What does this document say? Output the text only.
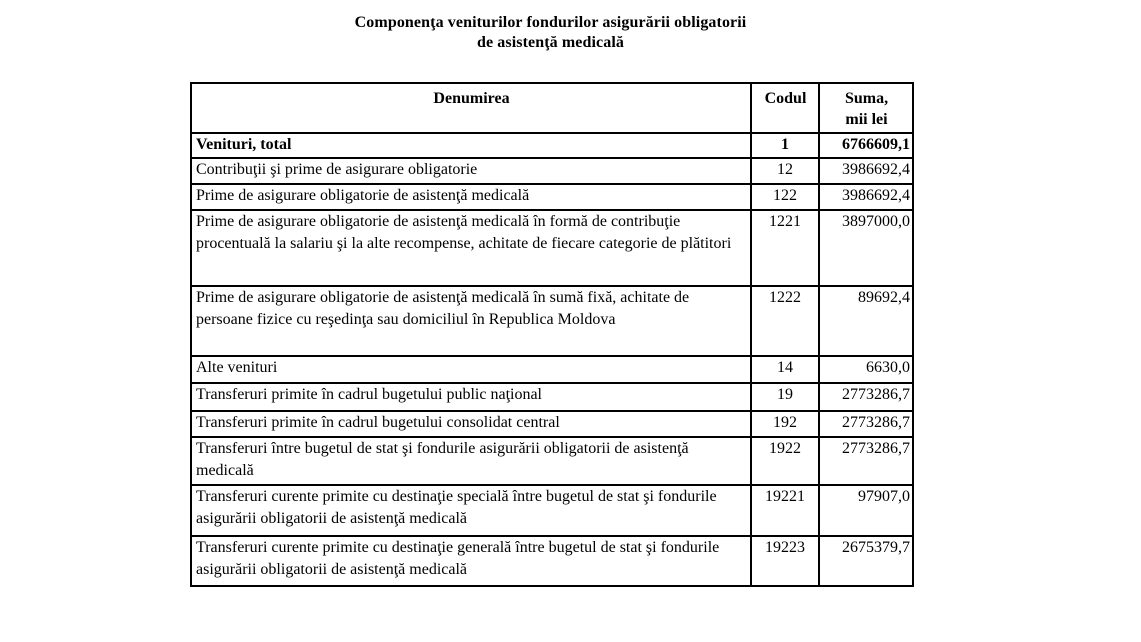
Componenţa veniturilor fondurilor asigurării obligatorii
de asistenţă medicală
Denumirea	Codul	Suma,
mii lei

Venituri, total	1	6766609,1
Contribuţii şi prime de asigurare obligatorie	12	3986692,4
Prime de asigurare obligatorie de asistenţă medicală	122	3986692,4
Prime de asigurare obligatorie de asistenţă medicală în formă de contribuţie procentuală la salariu şi la alte recompense, achitate de fiecare categorie de plătitori	1221	3897000,0
Prime de asigurare obligatorie de asistenţă medicală în sumă fixă, achitate de persoane fizice cu reşedinţa sau domiciliul în Republica Moldova	1222	89692,4
Alte venituri	14	6630,0
Transferuri primite în cadrul bugetului public naţional	19	2773286,7
Transferuri primite în cadrul bugetului consolidat central	192	2773286,7
Transferuri între bugetul de stat şi fondurile asigurării obligatorii de asistenţă medicală	1922	2773286,7
Transferuri curente primite cu destinaţie specială între bugetul de stat şi fondurile asigurării obligatorii de asistenţă medicală	19221	97907,0
Transferuri curente primite cu destinaţie generală între bugetul de stat şi fondurile asigurării obligatorii de asistenţă medicală	19223	2675379,7
